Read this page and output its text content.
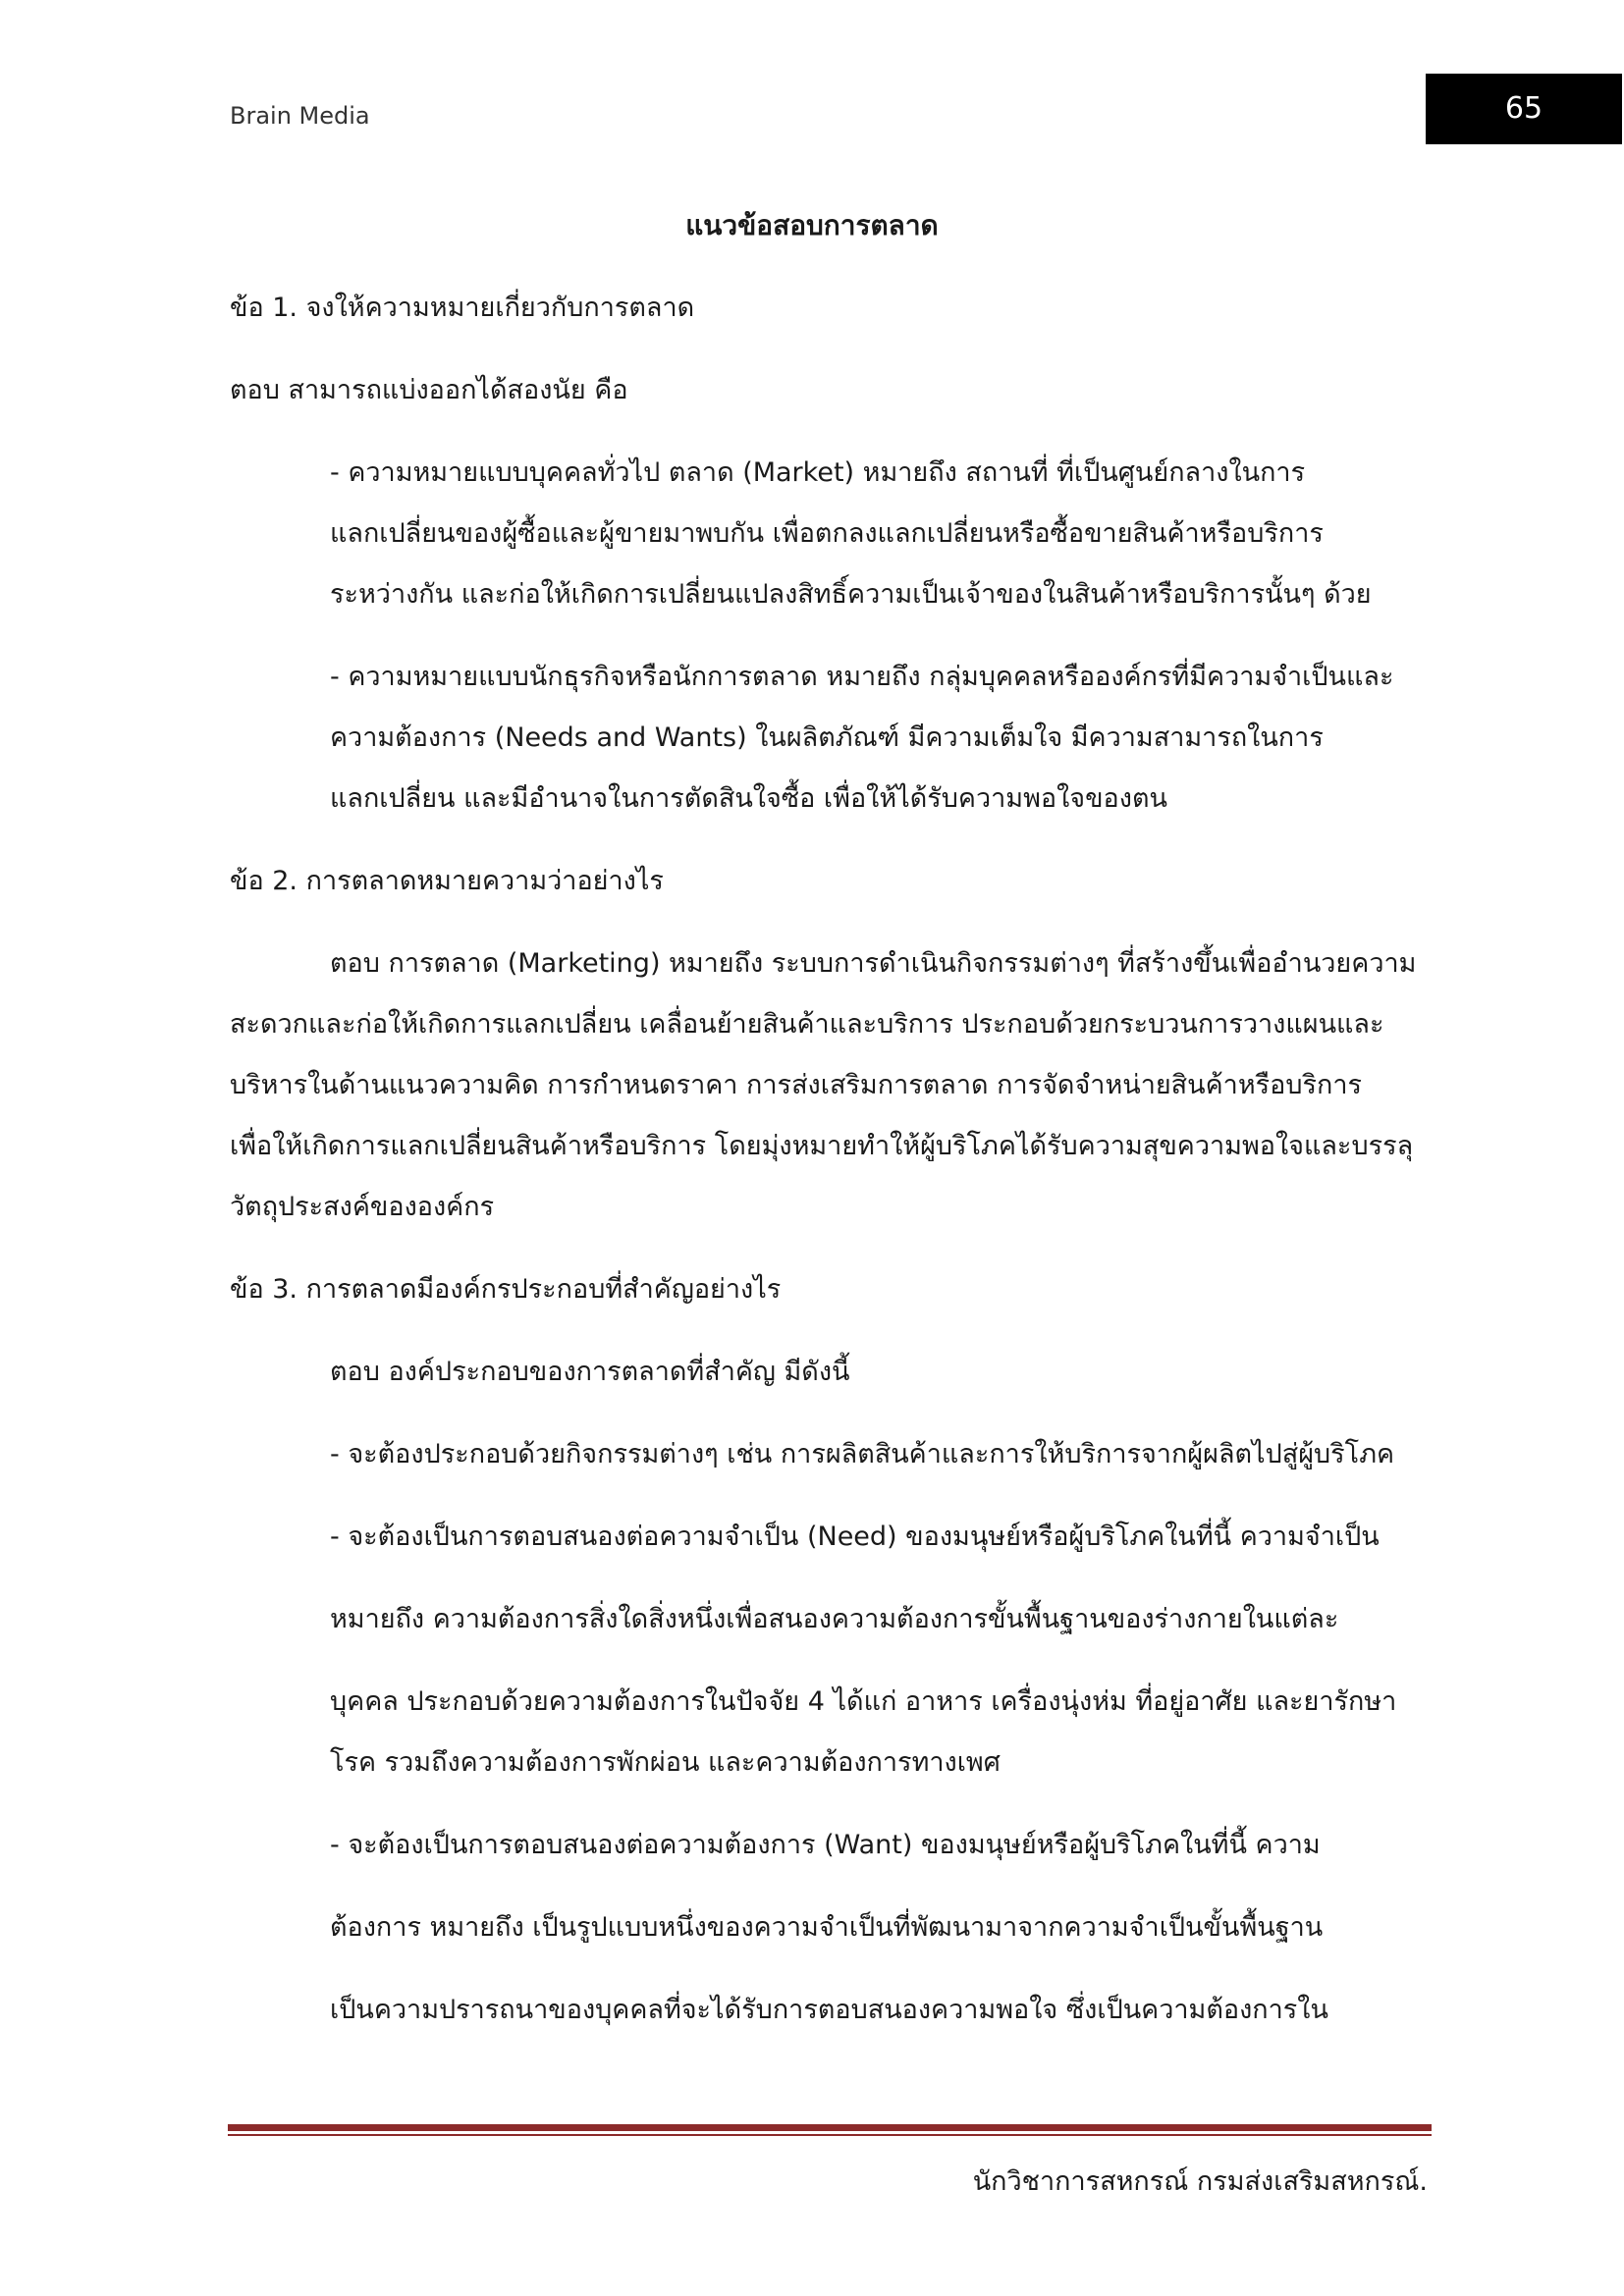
Brain Media	65
แนวข้อสอบการตลาด

ข้อ 1. จงให้ความหมายเกี่ยวกับการตลาด

ตอบ สามารถแบ่งออกได้สองนัย คือ

- ความหมายแบบบุคคลทั่วไป ตลาด (Market) หมายถึง สถานที่ ที่เป็นศูนย์กลางในการ

แลกเปลี่ยนของผู้ซื้อและผู้ขายมาพบกัน เพื่อตกลงแลกเปลี่ยนหรือซื้อขายสินค้าหรือบริการ

ระหว่างกัน และก่อให้เกิดการเปลี่ยนแปลงสิทธิ์ความเป็นเจ้าของในสินค้าหรือบริการนั้นๆ ด้วย

- ความหมายแบบนักธุรกิจหรือนักการตลาด หมายถึง กลุ่มบุคคลหรือองค์กรที่มีความจำเป็นและ

ความต้องการ (Needs and Wants) ในผลิตภัณฑ์ มีความเต็มใจ มีความสามารถในการ

แลกเปลี่ยน และมีอำนาจในการตัดสินใจซื้อ เพื่อให้ได้รับความพอใจของตน

ข้อ 2. การตลาดหมายความว่าอย่างไร

ตอบ การตลาด (Marketing) หมายถึง ระบบการดำเนินกิจกรรมต่างๆ ที่สร้างขึ้นเพื่ออำนวยความ

สะดวกและก่อให้เกิดการแลกเปลี่ยน เคลื่อนย้ายสินค้าและบริการ ประกอบด้วยกระบวนการวางแผนและ

บริหารในด้านแนวความคิด การกำหนดราคา การส่งเสริมการตลาด การจัดจำหน่ายสินค้าหรือบริการ

เพื่อให้เกิดการแลกเปลี่ยนสินค้าหรือบริการ โดยมุ่งหมายทำให้ผู้บริโภคได้รับความสุขความพอใจและบรรลุ

วัตถุประสงค์ขององค์กร

ข้อ 3. การตลาดมีองค์กรประกอบที่สำคัญอย่างไร

ตอบ องค์ประกอบของการตลาดที่สำคัญ มีดังนี้

- จะต้องประกอบด้วยกิจกรรมต่างๆ เช่น การผลิตสินค้าและการให้บริการจากผู้ผลิตไปสู่ผู้บริโภค

- จะต้องเป็นการตอบสนองต่อความจำเป็น (Need) ของมนุษย์หรือผู้บริโภคในที่นี้ ความจำเป็น

หมายถึง ความต้องการสิ่งใดสิ่งหนึ่งเพื่อสนองความต้องการขั้นพื้นฐานของร่างกายในแต่ละ

บุคคล ประกอบด้วยความต้องการในปัจจัย 4 ได้แก่ อาหาร เครื่องนุ่งห่ม ที่อยู่อาศัย และยารักษา

โรค รวมถึงความต้องการพักผ่อน และความต้องการทางเพศ

- จะต้องเป็นการตอบสนองต่อความต้องการ (Want) ของมนุษย์หรือผู้บริโภคในที่นี้ ความ

ต้องการ หมายถึง เป็นรูปแบบหนึ่งของความจำเป็นที่พัฒนามาจากความจำเป็นขั้นพื้นฐาน

เป็นความปรารถนาของบุคคลที่จะได้รับการตอบสนองความพอใจ ซึ่งเป็นความต้องการใน

นักวิชาการสหกรณ์ กรมส่งเสริมสหกรณ์.
